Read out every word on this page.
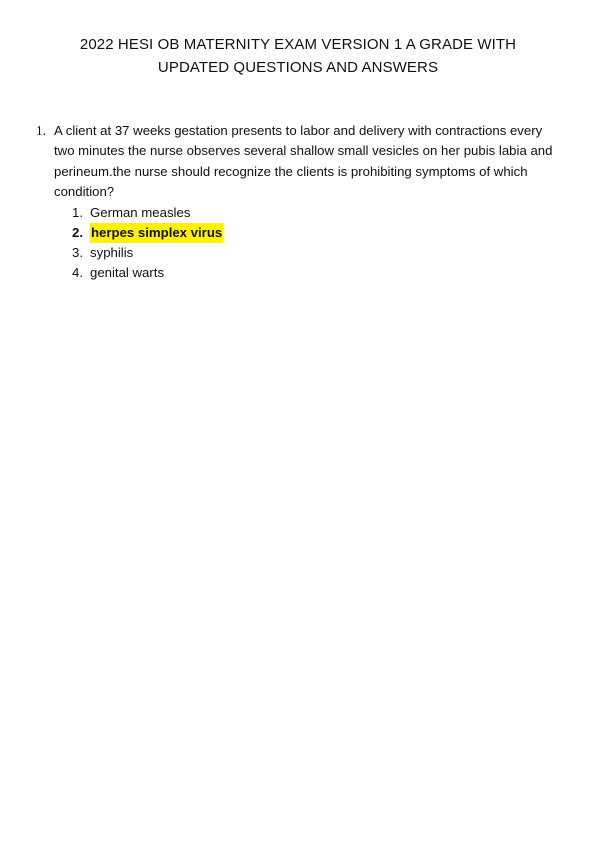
2022 HESI OB MATERNITY EXAM VERSION 1 A GRADE WITH
UPDATED QUESTIONS AND ANSWERS
1. A client at 37 weeks gestation presents to labor and delivery with contractions every two minutes the nurse observes several shallow small vesicles on her pubis labia and perineum.the nurse should recognize the clients is prohibiting symptoms of which condition?
1. German measles
2. herpes simplex virus
3. syphilis
4. genital warts
